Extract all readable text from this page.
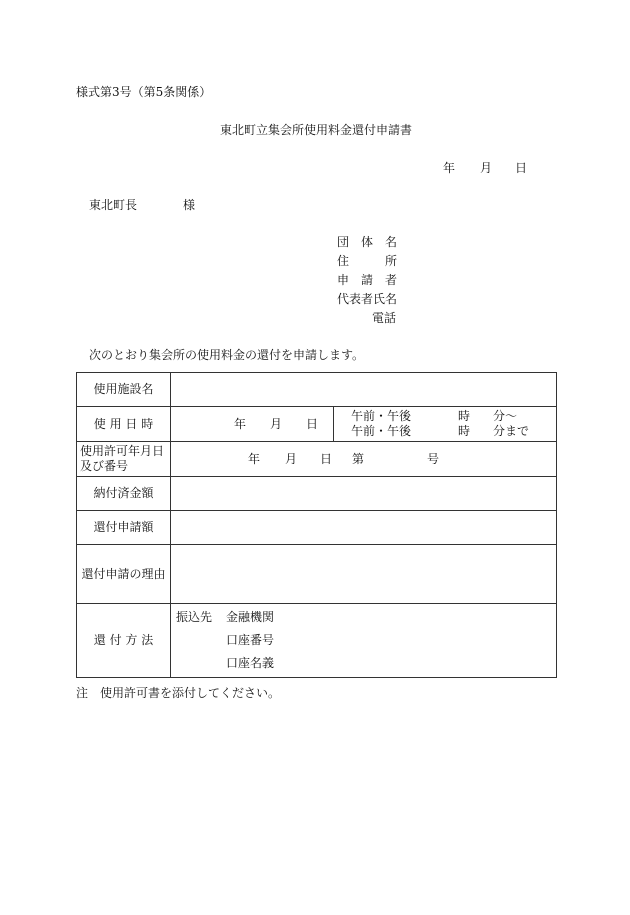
様式第3号（第5条関係）
東北町立集会所使用料金還付申請書
年 月 日
東北町長	様
団　体　名
住　　　所
申　請　者
代表者氏名
電話
次のとおり集会所の使用料金の還付を申請します。
使用施設名
使 用 日 時	年 月 日
午前・午後	時 分～
午前・午後	時 分まで
使用許可年月日
及び番号	年 月 日 第	号
納付済金額
還付申請額
還付申請の理由
還 付 方 法
振込先 金融機関
口座番号
口座名義
注　使用許可書を添付してください。
